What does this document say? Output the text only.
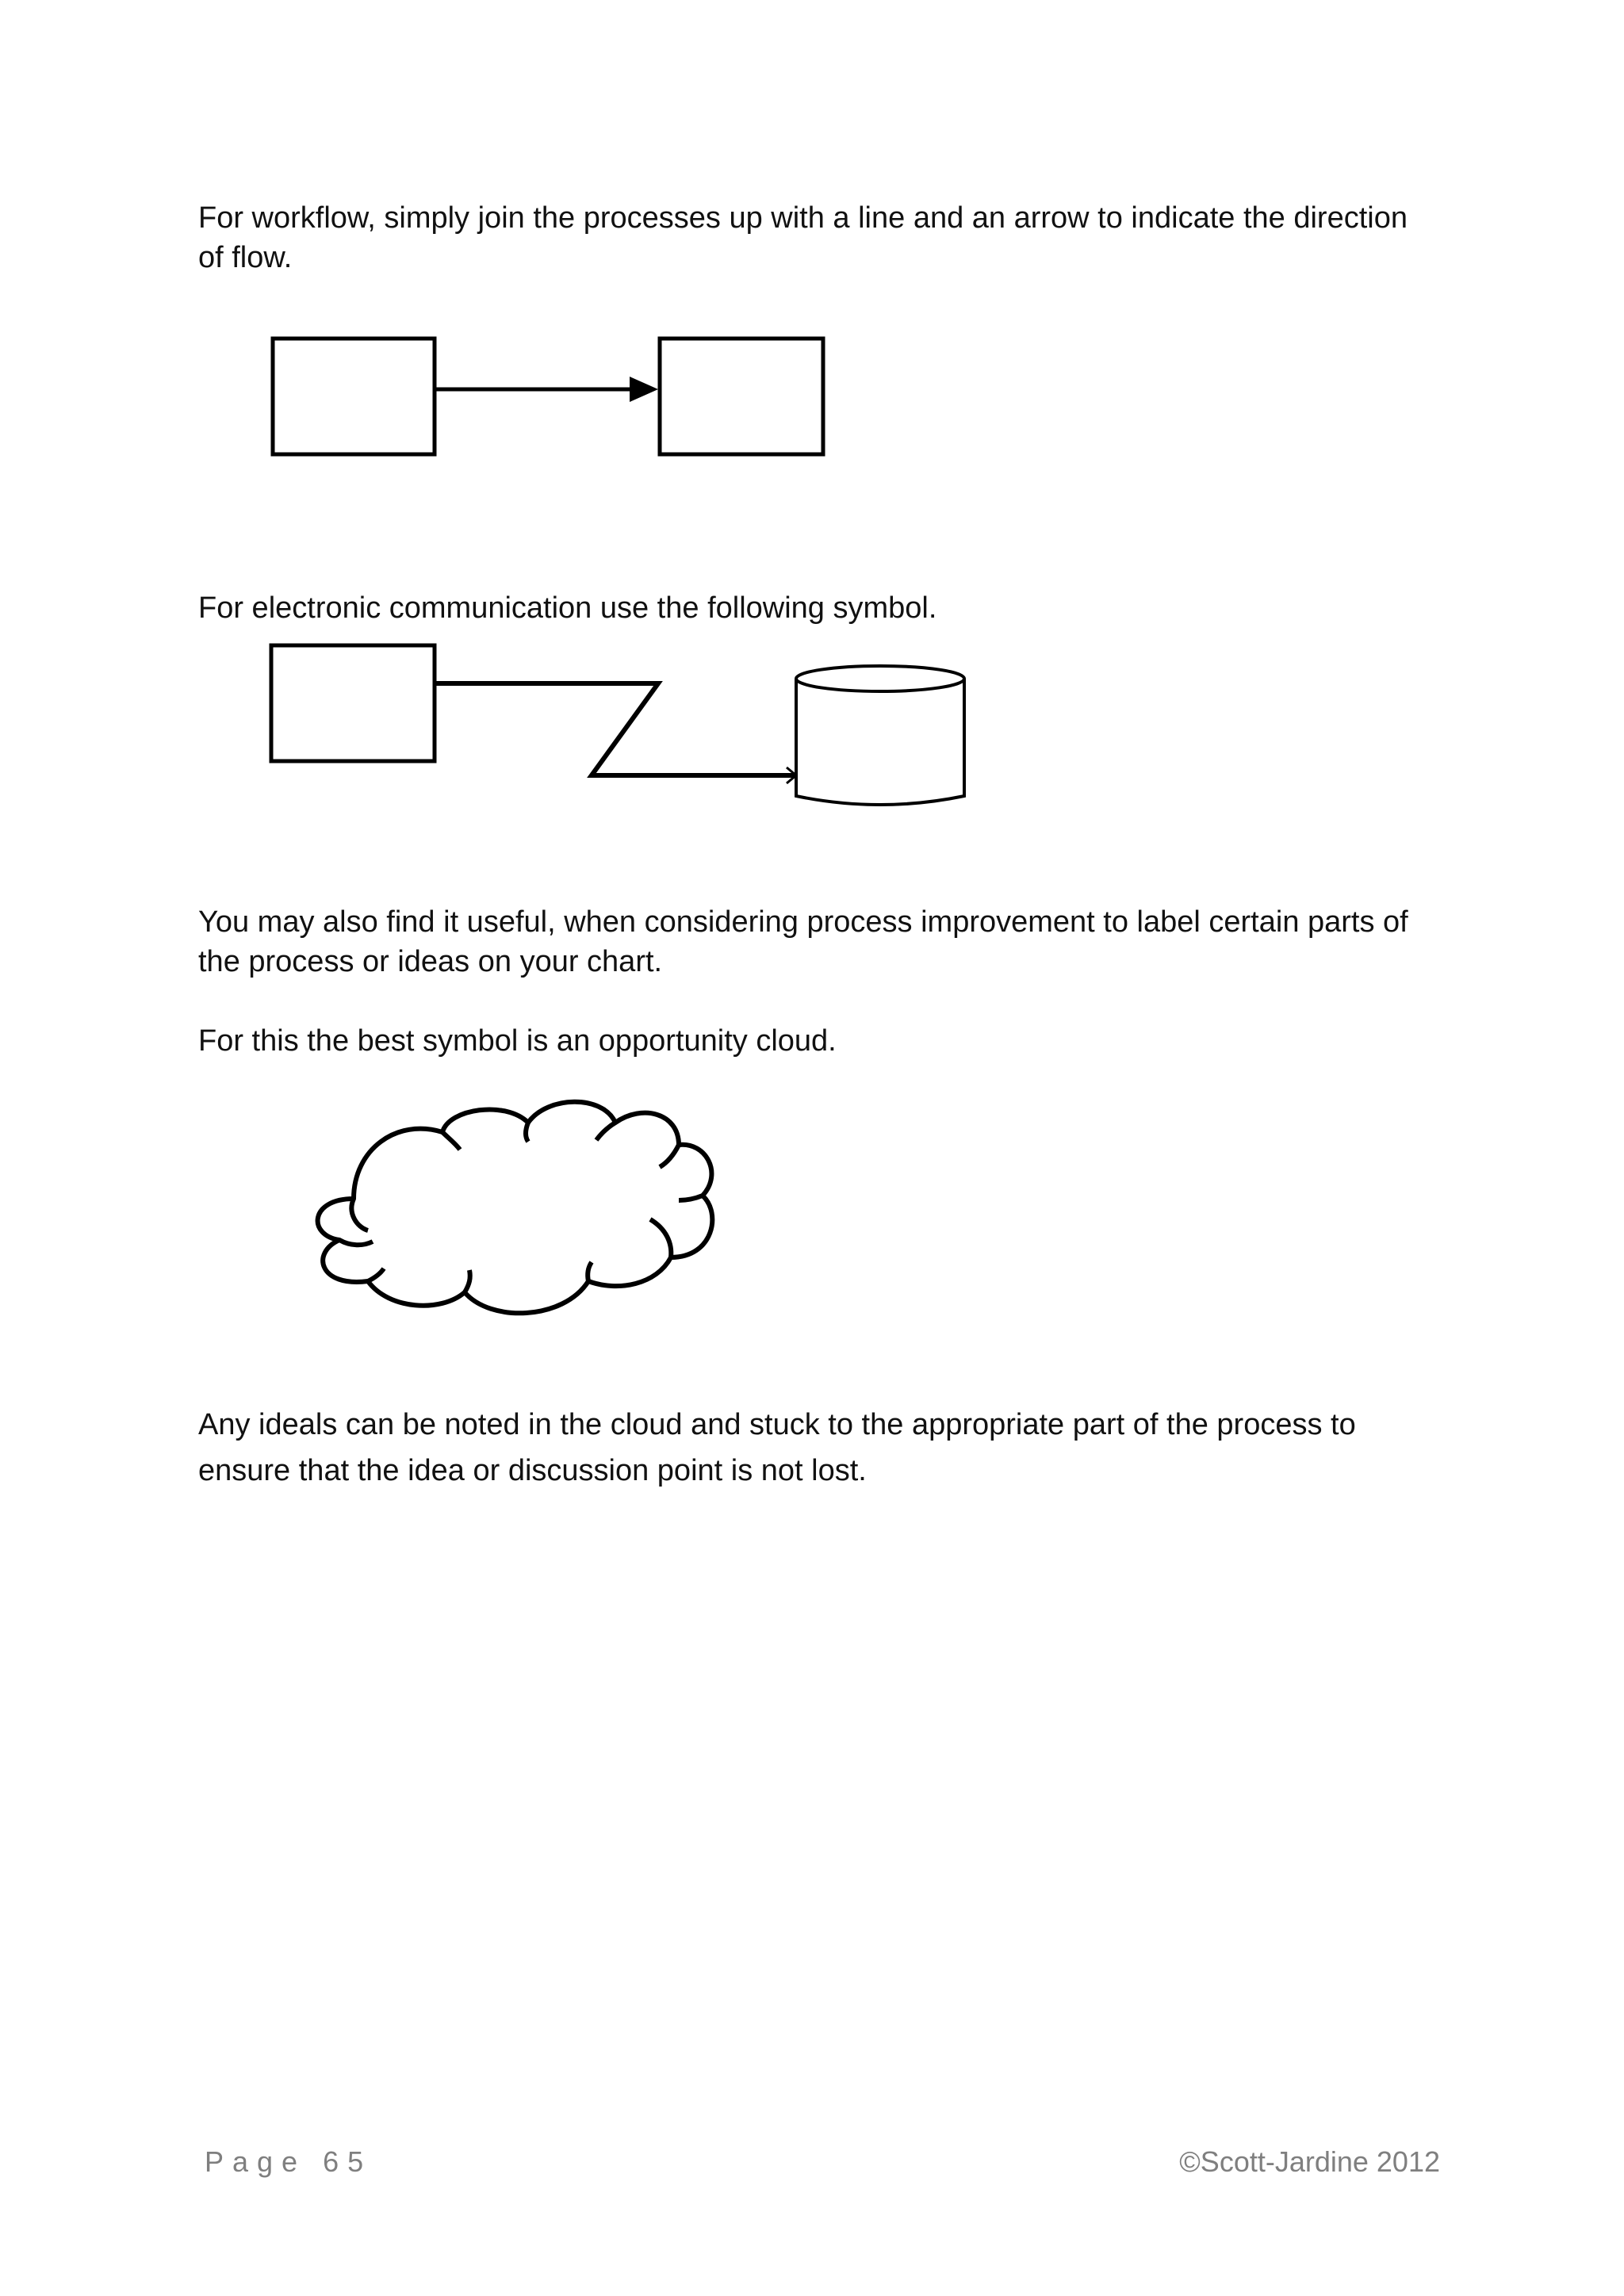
For workflow, simply join the processes up with a line and an arrow to indicate the direction of flow.

For electronic communication use the following symbol.

You may also find it useful, when considering process improvement to label certain parts of the process or ideas on your chart.

For this the best symbol is an opportunity cloud.

Any ideals can be noted in the cloud and stuck to the appropriate part of the process to ensure that the idea or discussion point is not lost.

Page 65	©Scott-Jardine 2012
